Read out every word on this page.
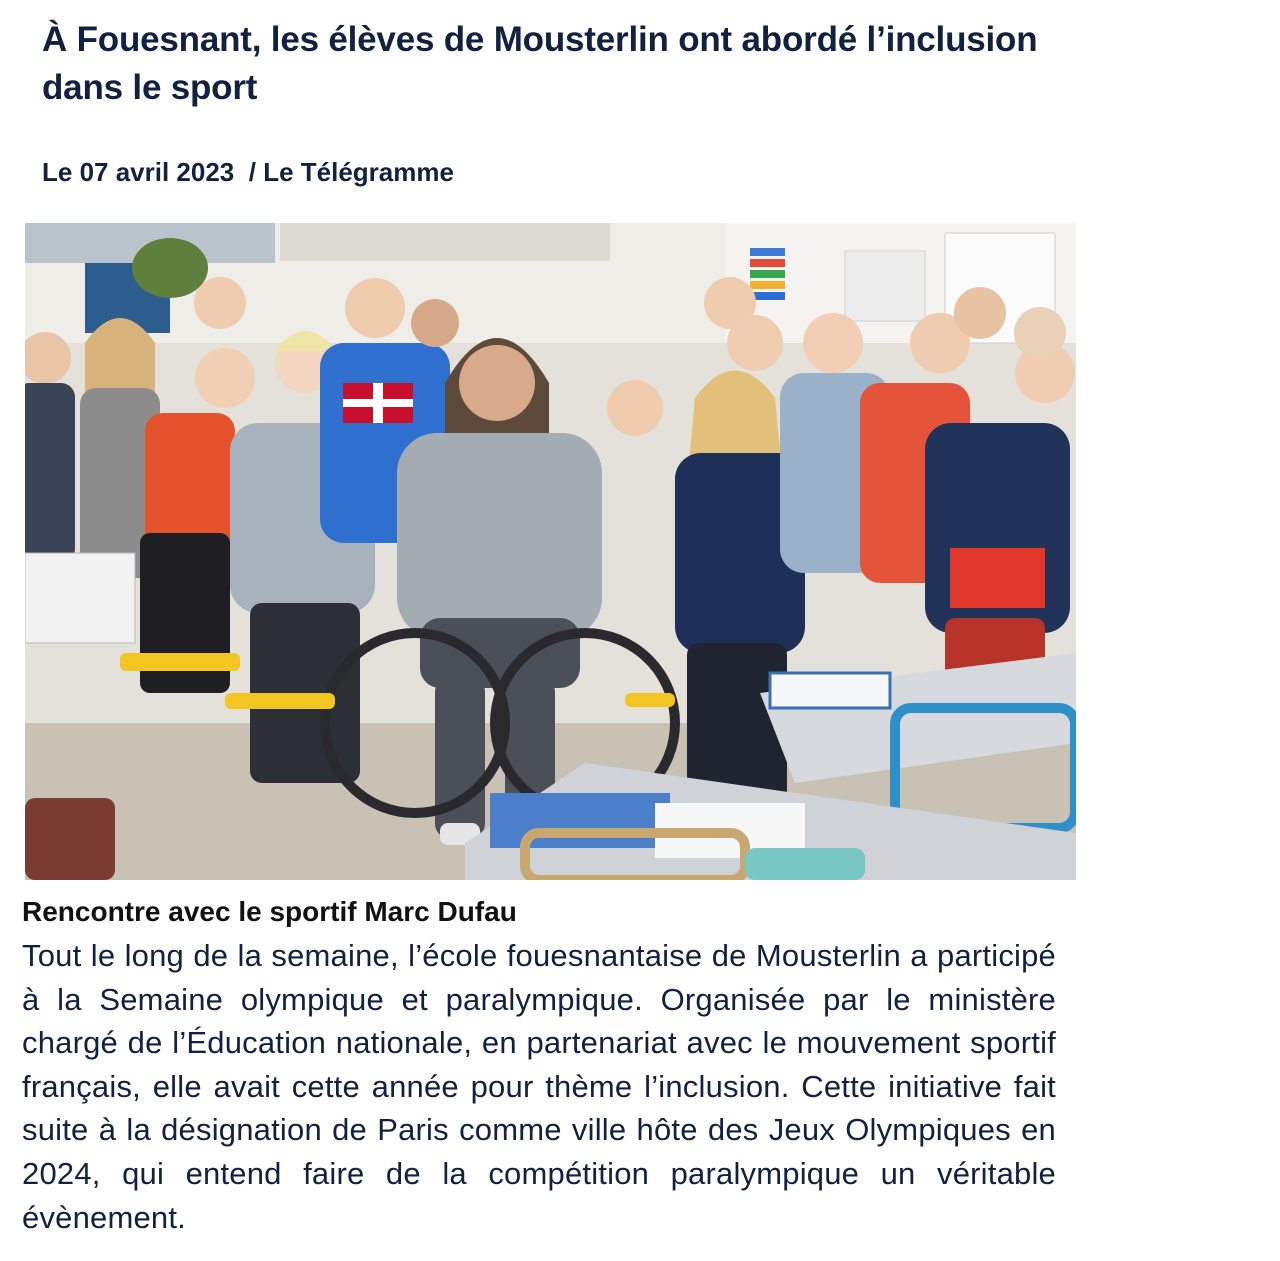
À Fouesnant, les élèves de Mousterlin ont abordé l’inclusion dans le sport

Le 07 avril 2023 / Le Télégramme

Rencontre avec le sportif Marc Dufau

Tout le long de la semaine, l’école fouesnantaise de Mousterlin a participé à la Semaine olympique et paralympique. Organisée par le ministère chargé de l’Éducation nationale, en partenariat avec le mouvement sportif français, elle avait cette année pour thème l’inclusion. Cette initiative fait suite à la désignation de Paris comme ville hôte des Jeux Olympiques en 2024, qui entend faire de la compétition paralympique un véritable évènement.
